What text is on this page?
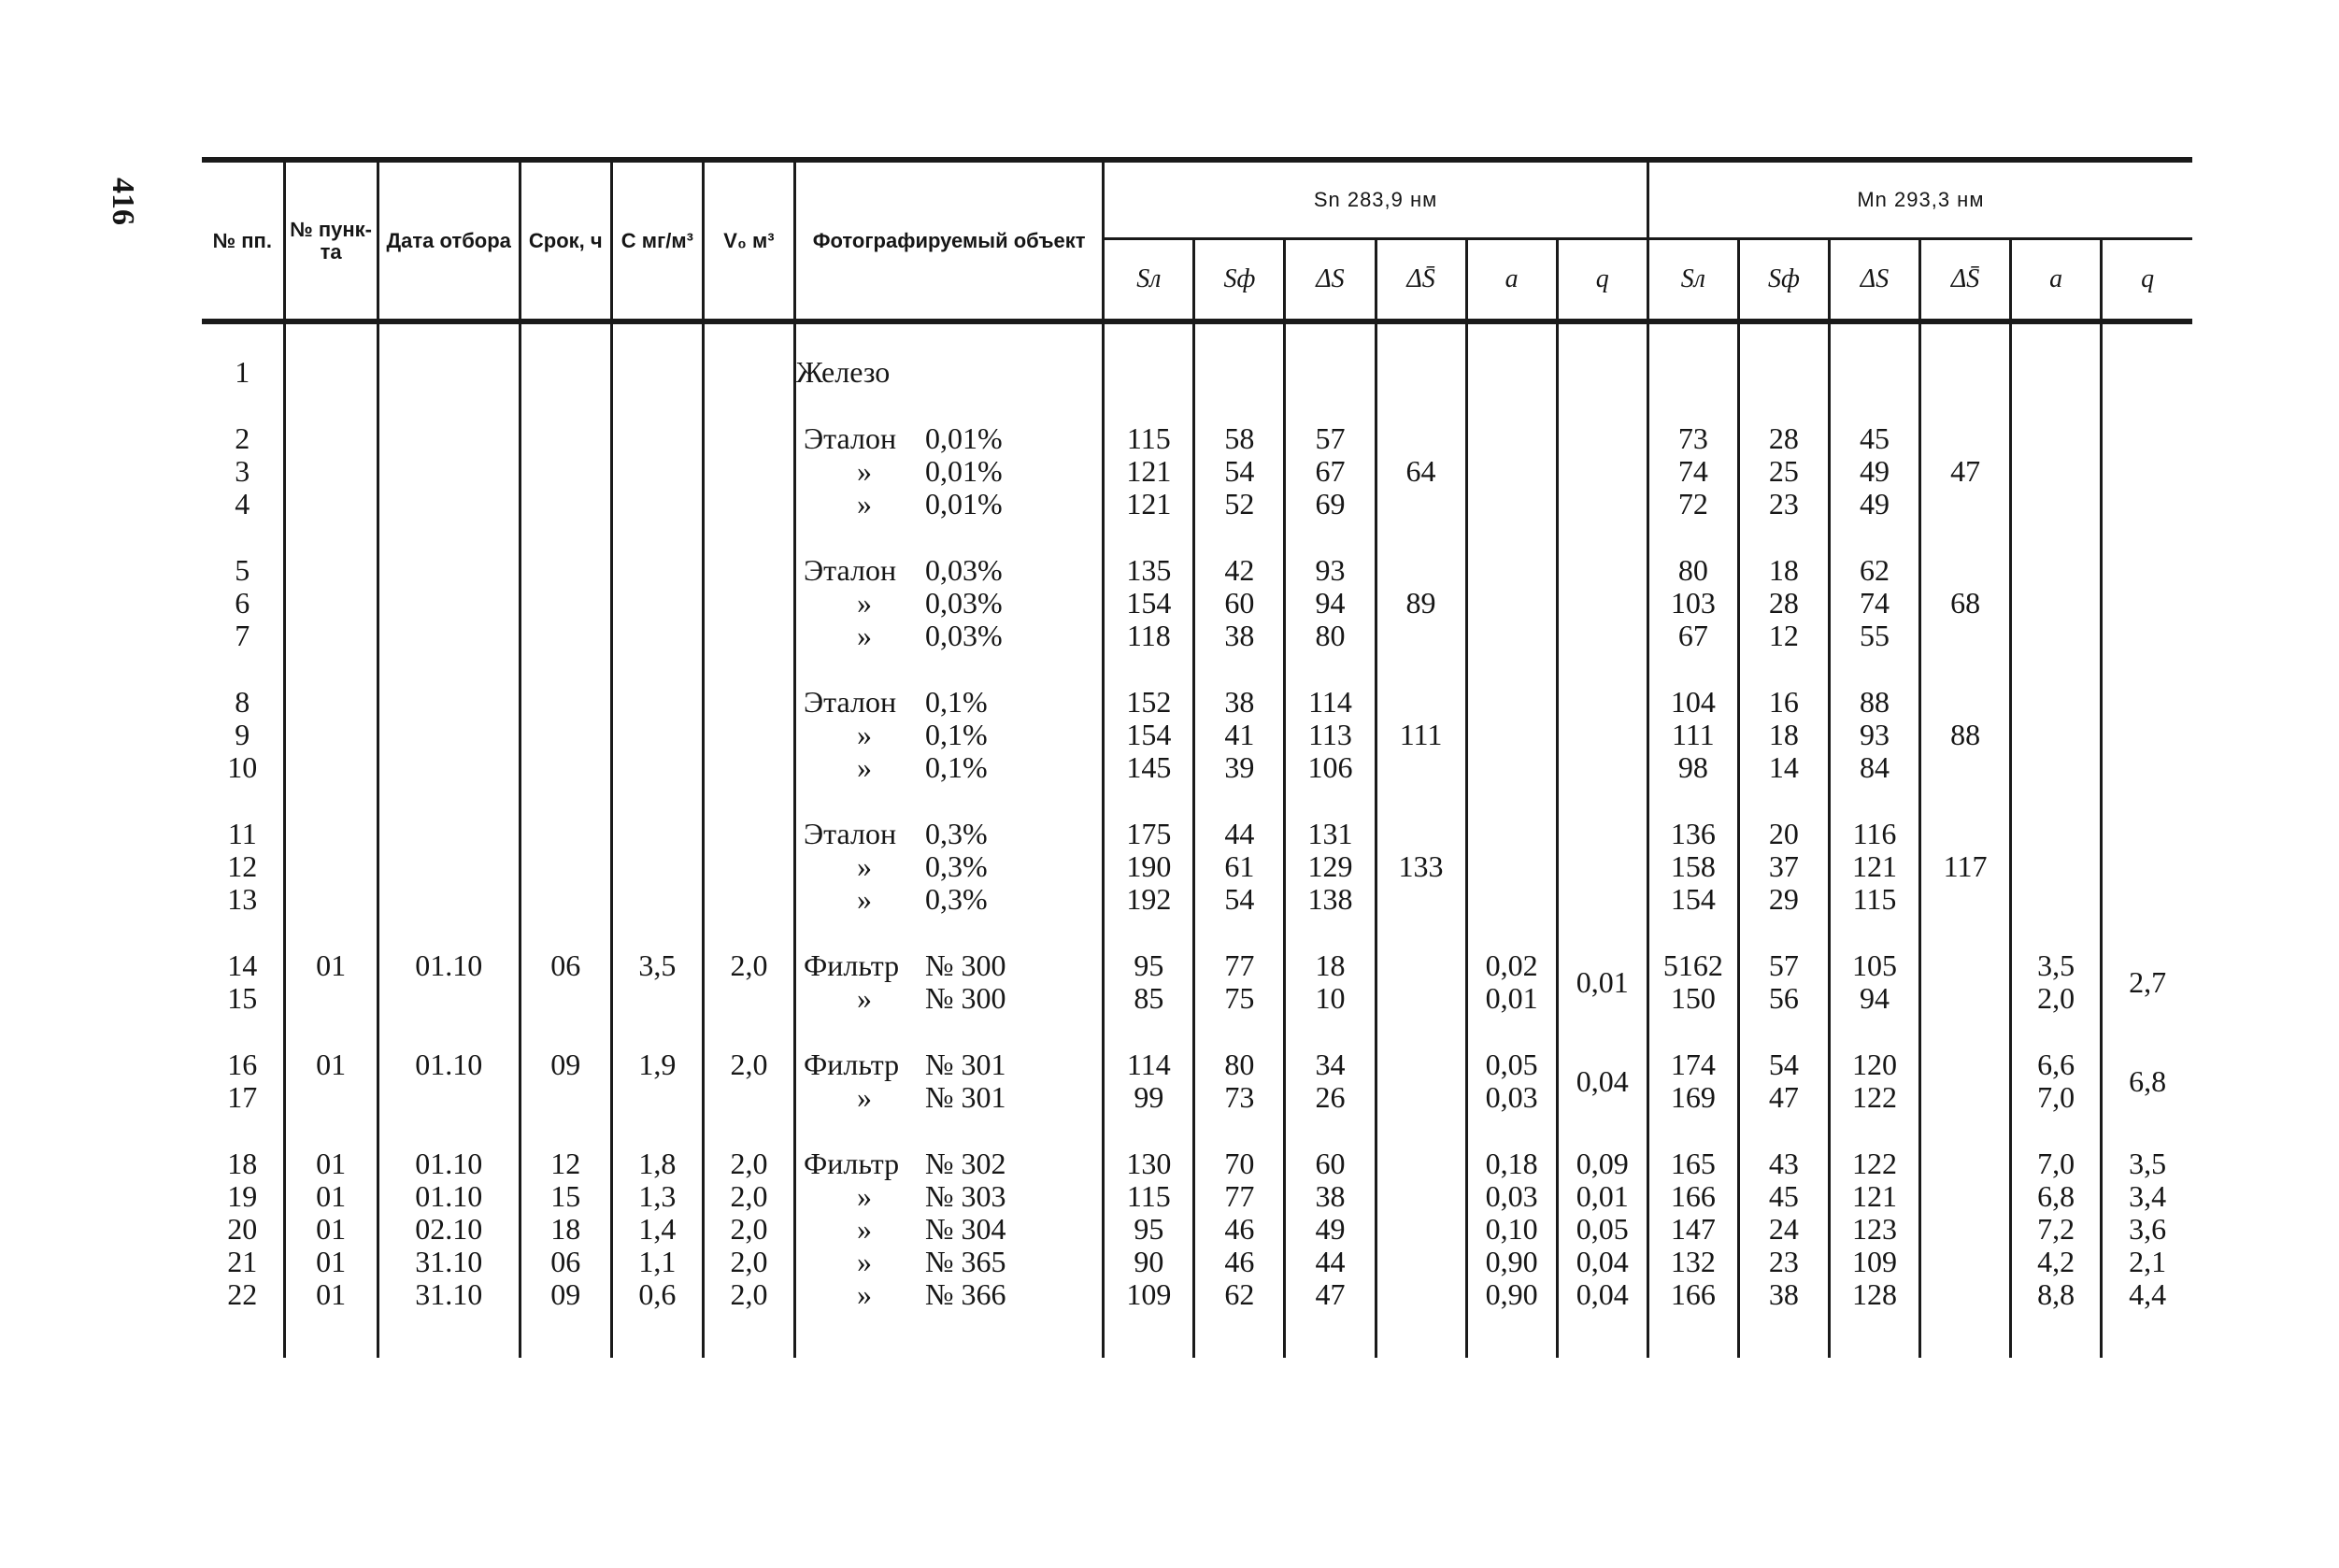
416
№ пп.	№ пунк-та	Дата отбора	Срок, ч	C мг/м³	V₀ м³	Фотографируемый объект	Sn 283,9 нм						Mn 293,3 нм					
							Sл	Sф	ΔS	ΔS̄	a	q	Sл	Sф	ΔS	ΔS̄	a	q

1						Железо												

2						Эталон 0,01%	115	58	57				73	28	45			
3						» 0,01%	121	54	67	64			74	25	49	47		
4						» 0,01%	121	52	69				72	23	49			

5						Эталон 0,03%	135	42	93				80	18	62			
6						» 0,03%	154	60	94	89			103	28	74	68		
7						» 0,03%	118	38	80				67	12	55			

8						Эталон 0,1%	152	38	114				104	16	88			
9						» 0,1%	154	41	113	111			111	18	93	88		
10						» 0,1%	145	39	106				98	14	84			

11						Эталон 0,3%	175	44	131				136	20	116			
12						» 0,3%	190	61	129	133			158	37	121	117		
13						» 0,3%	192	54	138				154	29	115			

14	01	01.10	06	3,5	2,0	Фильтр № 300	95	77	18		0,02	0,01	5162	57	105		3,5	2,7
15						» № 300	85	75	10		0,01		150	56	94		2,0	

16	01	01.10	09	1,9	2,0	Фильтр № 301	114	80	34		0,05	0,04	174	54	120		6,6	6,8
17						» № 301	99	73	26		0,03		169	47	122		7,0	

18	01	01.10	12	1,8	2,0	Фильтр № 302	130	70	60		0,18	0,09	165	43	122		7,0	3,5
19	01	01.10	15	1,3	2,0	» № 303	115	77	38		0,03	0,01	166	45	121		6,8	3,4
20	01	02.10	18	1,4	2,0	» № 304	95	46	49		0,10	0,05	147	24	123		7,2	3,6
21	01	31.10	06	1,1	2,0	» № 365	90	46	44		0,90	0,04	132	23	109		4,2	2,1
22	01	31.10	09	0,6	2,0	» № 366	109	62	47		0,90	0,04	166	38	128		8,8	4,4
